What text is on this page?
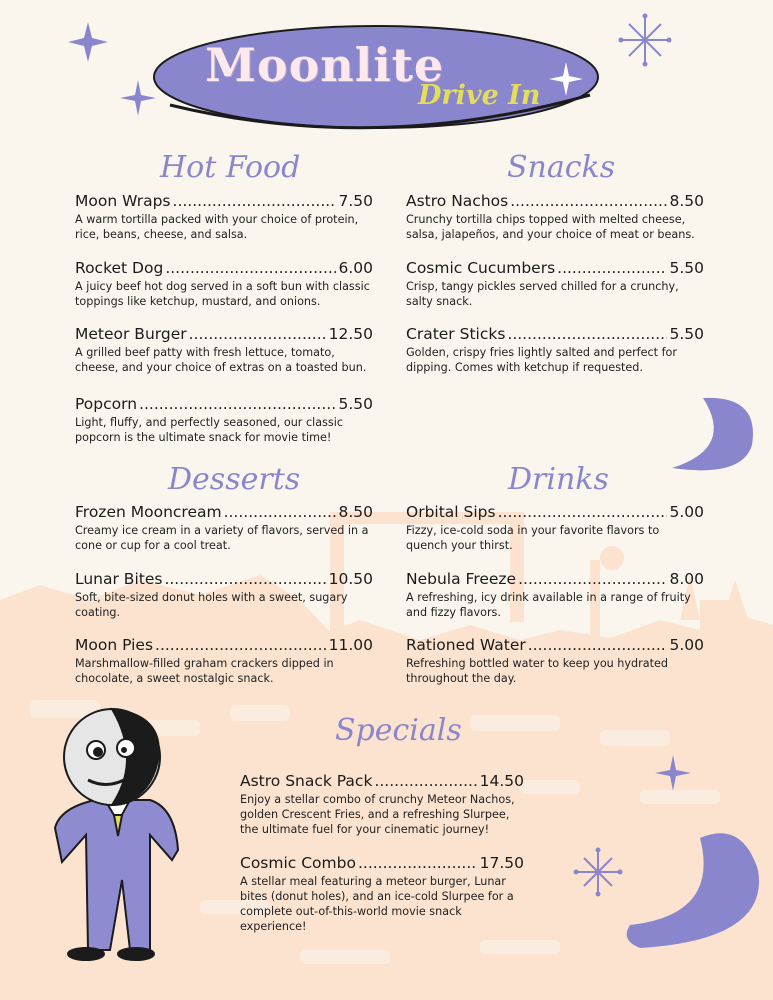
Moonlite
Drive In
Hot Food
Moon Wraps .....	7.50
A warm tortilla packed with your choice of protein, rice, beans, cheese, and salsa.
Rocket Dog .....	6.00
A juicy beef hot dog served in a soft bun with classic toppings like ketchup, mustard, and onions.
Meteor Burger .....	12.50
A grilled beef patty with fresh lettuce, tomato, cheese, and your choice of extras on a toasted bun.
Popcorn .....	5.50
Light, fluffy, and perfectly seasoned, our classic popcorn is the ultimate snack for movie time!
Snacks
Astro Nachos .....	8.50
Crunchy tortilla chips topped with melted cheese, salsa, jalapeños, and your choice of meat or beans.
Cosmic Cucumbers .....	5.50
Crisp, tangy pickles served chilled for a crunchy, salty snack.
Crater Sticks .....	5.50
Golden, crispy fries lightly salted and perfect for dipping. Comes with ketchup if requested.
Desserts
Frozen Mooncream .....	8.50
Creamy ice cream in a variety of flavors, served in a cone or cup for a cool treat.
Lunar Bites .....	10.50
Soft, bite-sized donut holes with a sweet, sugary coating.
Moon Pies .....	11.00
Marshmallow-filled graham crackers dipped in chocolate, a sweet nostalgic snack.
Drinks
Orbital Sips .....	5.00
Fizzy, ice-cold soda in your favorite flavors to quench your thirst.
Nebula Freeze .....	8.00
A refreshing, icy drink available in a range of fruity and fizzy flavors.
Rationed Water .....	5.00
Refreshing bottled water to keep you hydrated throughout the day.
Specials
Astro Snack Pack .....	14.50
Enjoy a stellar combo of crunchy Meteor Nachos, golden Crescent Fries, and a refreshing Slurpee, the ultimate fuel for your cinematic journey!
Cosmic Combo .....	17.50
A stellar meal featuring a meteor burger, Lunar bites (donut holes), and an ice-cold Slurpee for a complete out-of-this-world movie snack experience!
